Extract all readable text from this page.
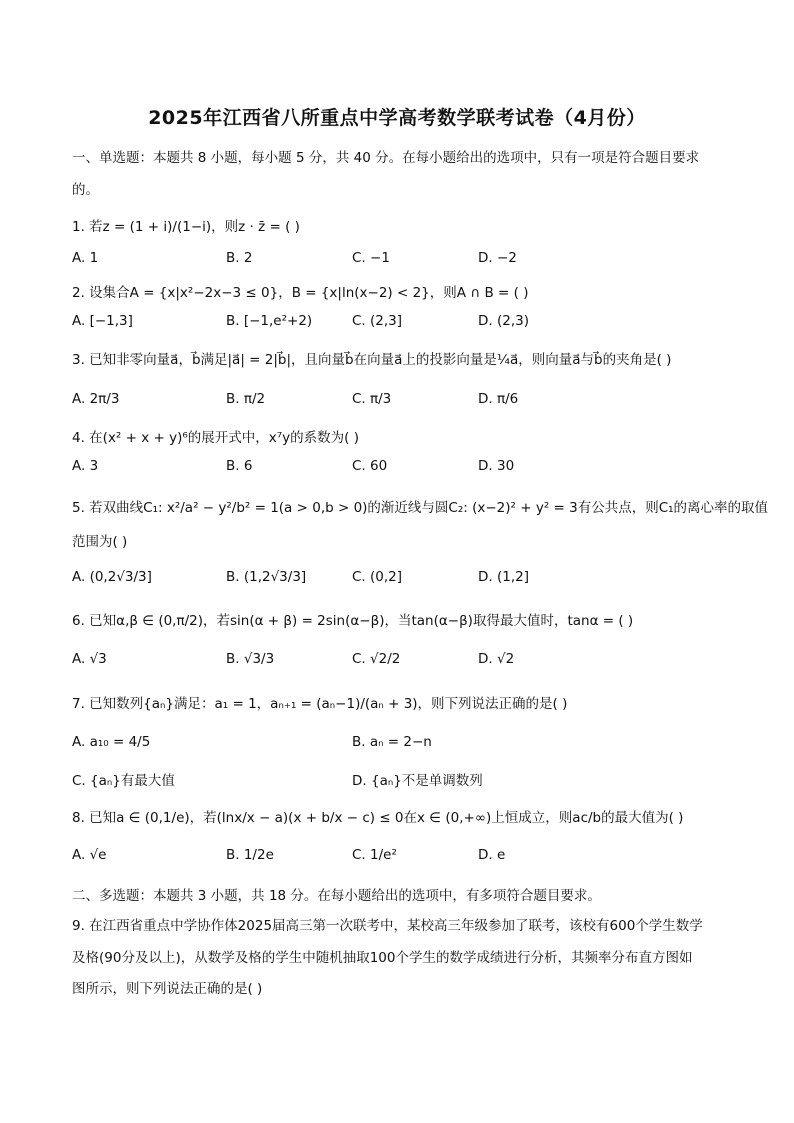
2025年江西省八所重点中学高考数学联考试卷（4月份）
一、单选题：本题共 8 小题，每小题 5 分，共 40 分。在每小题给出的选项中，只有一项是符合题目要求
的。
1. 若z = (1 + i)/(1−i)，则z · z̄ = ( )
A. 1	B. 2	C. −1	D. −2
2. 设集合A = {x|x²−2x−3 ≤ 0}，B = {x|ln(x−2) < 2}，则A ∩ B = ( )
A. [−1,3]	B. [−1,e²+2)	C. (2,3]	D. (2,3)
3. 已知非零向量a⃗，b⃗满足|a⃗| = 2|b⃗|，且向量b⃗在向量a⃗上的投影向量是¼a⃗，则向量a⃗与b⃗的夹角是( )
A. 2π/3	B. π/2	C. π/3	D. π/6
4. 在(x² + x + y)⁶的展开式中，x⁷y的系数为( )
A. 3	B. 6	C. 60	D. 30
5. 若双曲线C₁: x²/a² − y²/b² = 1(a > 0,b > 0)的渐近线与圆C₂: (x−2)² + y² = 3有公共点，则C₁的离心率的取值
范围为( )
A. (0,2√3/3]	B. (1,2√3/3]	C. (0,2]	D. (1,2]
6. 已知α,β ∈ (0,π/2)，若sin(α + β) = 2sin(α−β)，当tan(α−β)取得最大值时，tanα = ( )
A. √3	B. √3/3	C. √2/2	D. √2
7. 已知数列{aₙ}满足：a₁ = 1，aₙ₊₁ = (aₙ−1)/(aₙ + 3)，则下列说法正确的是( )
A. a₁₀ = 4/5	B. aₙ = 2−n
C. {aₙ}有最大值	D. {aₙ}不是单调数列
8. 已知a ∈ (0,1/e)，若(lnx/x − a)(x + b/x − c) ≤ 0在x ∈ (0,+∞)上恒成立，则ac/b的最大值为( )
A. √e	B. 1/2e	C. 1/e²	D. e
二、多选题：本题共 3 小题，共 18 分。在每小题给出的选项中，有多项符合题目要求。
9. 在江西省重点中学协作体2025届高三第一次联考中，某校高三年级参加了联考，该校有600个学生数学
及格(90分及以上)，从数学及格的学生中随机抽取100个学生的数学成绩进行分析，其频率分布直方图如
图所示，则下列说法正确的是( )
